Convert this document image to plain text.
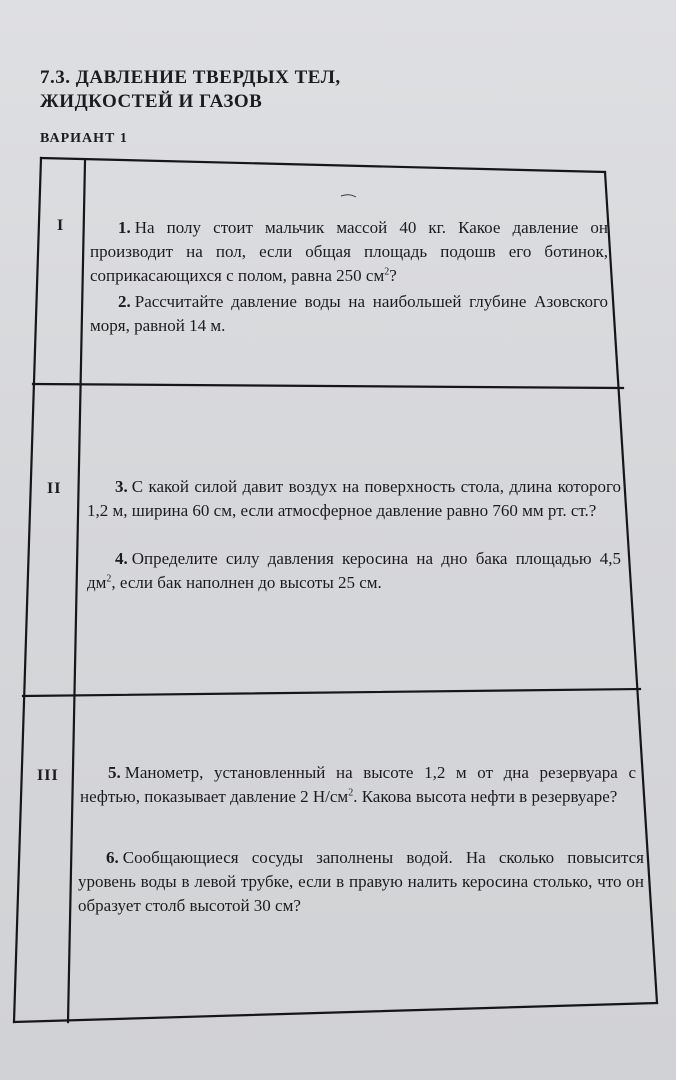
7.3. ДАВЛЕНИЕ ТВЕРДЫХ ТЕЛ, ЖИДКОСТЕЙ И ГАЗОВ
ВАРИАНТ 1
I
II
III
1. На полу стоит мальчик массой 40 кг. Какое давление он производит на пол, если общая площадь подошв его ботинок, соприкасающихся с полом, равна 250 $см^2$?
2. Рассчитайте давление воды на наибольшей глубине Азовского моря, равной 14 м.
3. С какой силой давит воздух на поверхность стола, длина которого 1,2 м, ширина 60 см, если атмосферное давление равно 760 мм рт. ст.?
4. Определите силу давления керосина на дно бака площадью 4,5 $дм^2$, если бак наполнен до высоты 25 см.
5. Манометр, установленный на высоте 1,2 м от дна резервуара с нефтью, показывает давление 2 $Н/см^2$. Какова высота нефти в резервуаре?
6. Сообщающиеся сосуды заполнены водой. На сколько повысится уровень воды в левой трубке, если в правую налить керосина столько, что он образует столб высотой 30 см?
